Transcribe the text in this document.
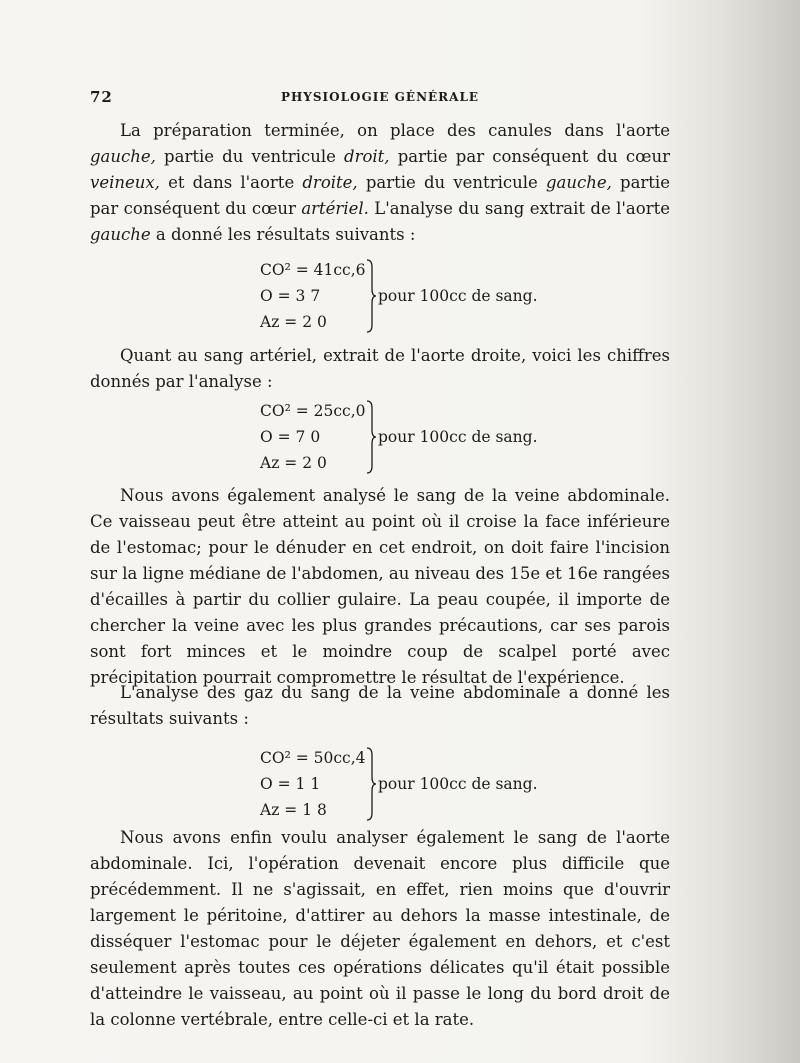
72	PHYSIOLOGIE GÉNÉRALE

La préparation terminée, on place des canules dans l'aorte gauche, partie du ventricule droit, partie par conséquent du cœur veineux, et dans l'aorte droite, partie du ventricule gauche, partie par conséquent du cœur artériel. L'analyse du sang extrait de l'aorte gauche a donné les résultats suivants :

CO² = 41cc,6
O = 3 7
Az = 2 0
pour 100cc de sang.

Quant au sang artériel, extrait de l'aorte droite, voici les chiffres donnés par l'analyse :

CO² = 25cc,0
O = 7 0
Az = 2 0
pour 100cc de sang.

Nous avons également analysé le sang de la veine abdominale. Ce vaisseau peut être atteint au point où il croise la face inférieure de l'estomac; pour le dénuder en cet endroit, on doit faire l'incision sur la ligne médiane de l'abdomen, au niveau des 15e et 16e rangées d'écailles à partir du collier gulaire. La peau coupée, il importe de chercher la veine avec les plus grandes précautions, car ses parois sont fort minces et le moindre coup de scalpel porté avec précipitation pourrait compromettre le résultat de l'expérience.

L'analyse des gaz du sang de la veine abdominale a donné les résultats suivants :

CO² = 50cc,4
O = 1 1
Az = 1 8
pour 100cc de sang.

Nous avons enfin voulu analyser également le sang de l'aorte abdominale. Ici, l'opération devenait encore plus difficile que précédemment. Il ne s'agissait, en effet, rien moins que d'ouvrir largement le péritoine, d'attirer au dehors la masse intestinale, de disséquer l'estomac pour le déjeter également en dehors, et c'est seulement après toutes ces opérations délicates qu'il était possible d'atteindre le vaisseau, au point où il passe le long du bord droit de la colonne vertébrale, entre celle-ci et la rate.
